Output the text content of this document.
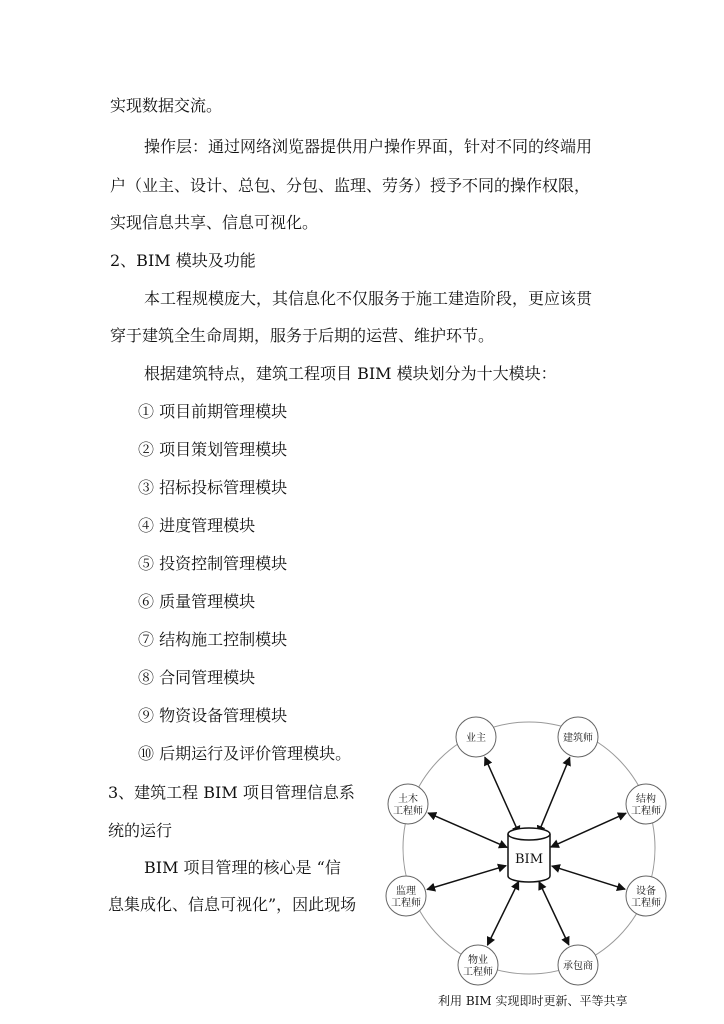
实现数据交流。
操作层：通过网络浏览器提供用户操作界面，针对不同的终端用
户（业主、设计、总包、分包、监理、劳务）授予不同的操作权限，
实现信息共享、信息可视化。
2、BIM 模块及功能
本工程规模庞大，其信息化不仅服务于施工建造阶段，更应该贯
穿于建筑全生命周期，服务于后期的运营、维护环节。
根据建筑特点，建筑工程项目 BIM 模块划分为十大模块：
① 项目前期管理模块
② 项目策划管理模块
③ 招标投标管理模块
④ 进度管理模块
⑤ 投资控制管理模块
⑥ 质量管理模块
⑦ 结构施工控制模块
⑧ 合同管理模块
⑨ 物资设备管理模块
⑩ 后期运行及评价管理模块。
3、建筑工程 BIM 项目管理信息系
统的运行
BIM 项目管理的核心是 “信
息集成化、信息可视化”，因此现场
业主	建筑师
结构
工程师
设备
工程师
承包商
物业
工程师
监理
工程师
土木
工程师
BIM
利用 BIM 实现即时更新、平等共享
